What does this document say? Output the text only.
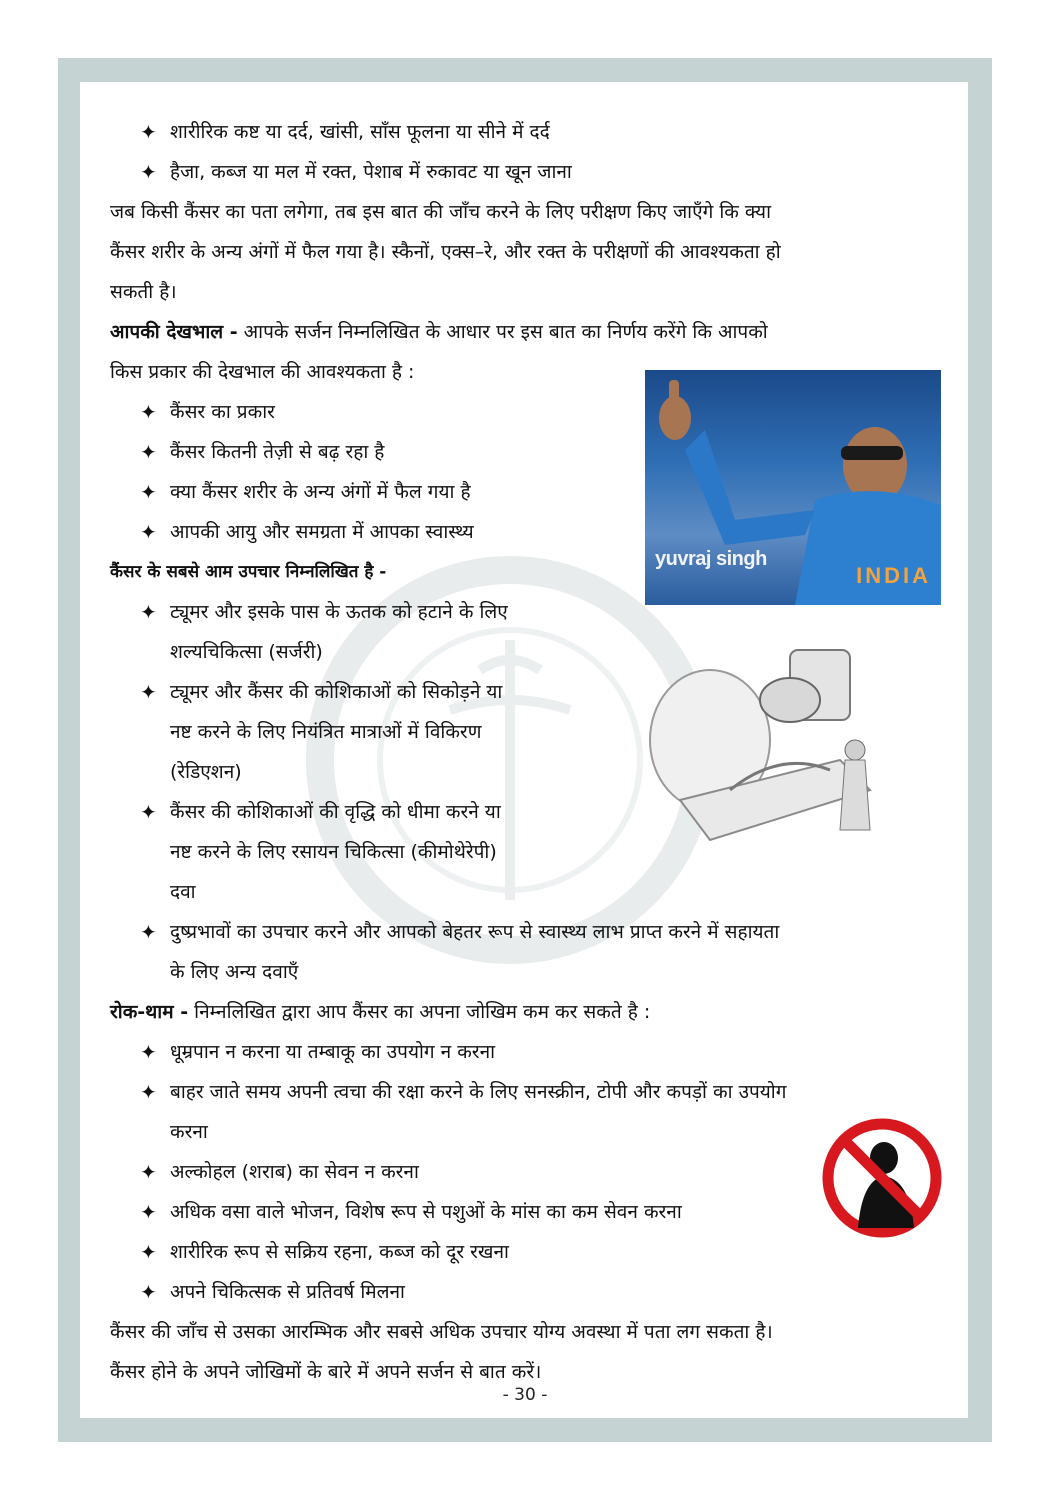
yuvraj singh
INDIA
✦ शारीरिक कष्ट या दर्द, खांसी, साँस फूलना या सीने में दर्द
✦ हैजा, कब्ज या मल में रक्त, पेशाब में रुकावट या खून जाना
जब किसी कैंसर का पता लगेगा, तब इस बात की जाँच करने के लिए परीक्षण किए जाएँगे कि क्या
कैंसर शरीर के अन्य अंगों में फैल गया है। स्कैनों, एक्स–रे, और रक्त के परीक्षणों की आवश्यकता हो
सकती है।
आपकी देखभाल - आपके सर्जन निम्नलिखित के आधार पर इस बात का निर्णय करेंगे कि आपको
किस प्रकार की देखभाल की आवश्यकता है :
✦ कैंसर का प्रकार
✦ कैंसर कितनी तेज़ी से बढ़ रहा है
✦ क्या कैंसर शरीर के अन्य अंगों में फैल गया है
✦ आपकी आयु और समग्रता में आपका स्वास्थ्य
कैंसर के सबसे आम उपचार निम्नलिखित है -
✦ ट्यूमर और इसके पास के ऊतक को हटाने के लिए
शल्यचिकित्सा (सर्जरी)
✦ ट्यूमर और कैंसर की कोशिकाओं को सिकोड़ने या
नष्ट करने के लिए नियंत्रित मात्राओं में विकिरण
(रेडिएशन)
✦ कैंसर की कोशिकाओं की वृद्धि को धीमा करने या
नष्ट करने के लिए रसायन चिकित्सा (कीमोथेरेपी)
दवा
✦ दुष्प्रभावों का उपचार करने और आपको बेहतर रूप से स्वास्थ्य लाभ प्राप्त करने में सहायता
के लिए अन्य दवाएँ
रोक-थाम - निम्नलिखित द्वारा आप कैंसर का अपना जोखिम कम कर सकते है :
✦ धूम्रपान न करना या तम्बाकू का उपयोग न करना
✦ बाहर जाते समय अपनी त्वचा की रक्षा करने के लिए सनस्क्रीन, टोपी और कपड़ों का उपयोग
करना
✦ अल्कोहल (शराब) का सेवन न करना
✦ अधिक वसा वाले भोजन, विशेष रूप से पशुओं के मांस का कम सेवन करना
✦ शारीरिक रूप से सक्रिय रहना, कब्ज को दूर रखना
✦ अपने चिकित्सक से प्रतिवर्ष मिलना
कैंसर की जाँच से उसका आरम्भिक और सबसे अधिक उपचार योग्य अवस्था में पता लग सकता है।
कैंसर होने के अपने जोखिमों के बारे में अपने सर्जन से बात करें।
- 30 -
